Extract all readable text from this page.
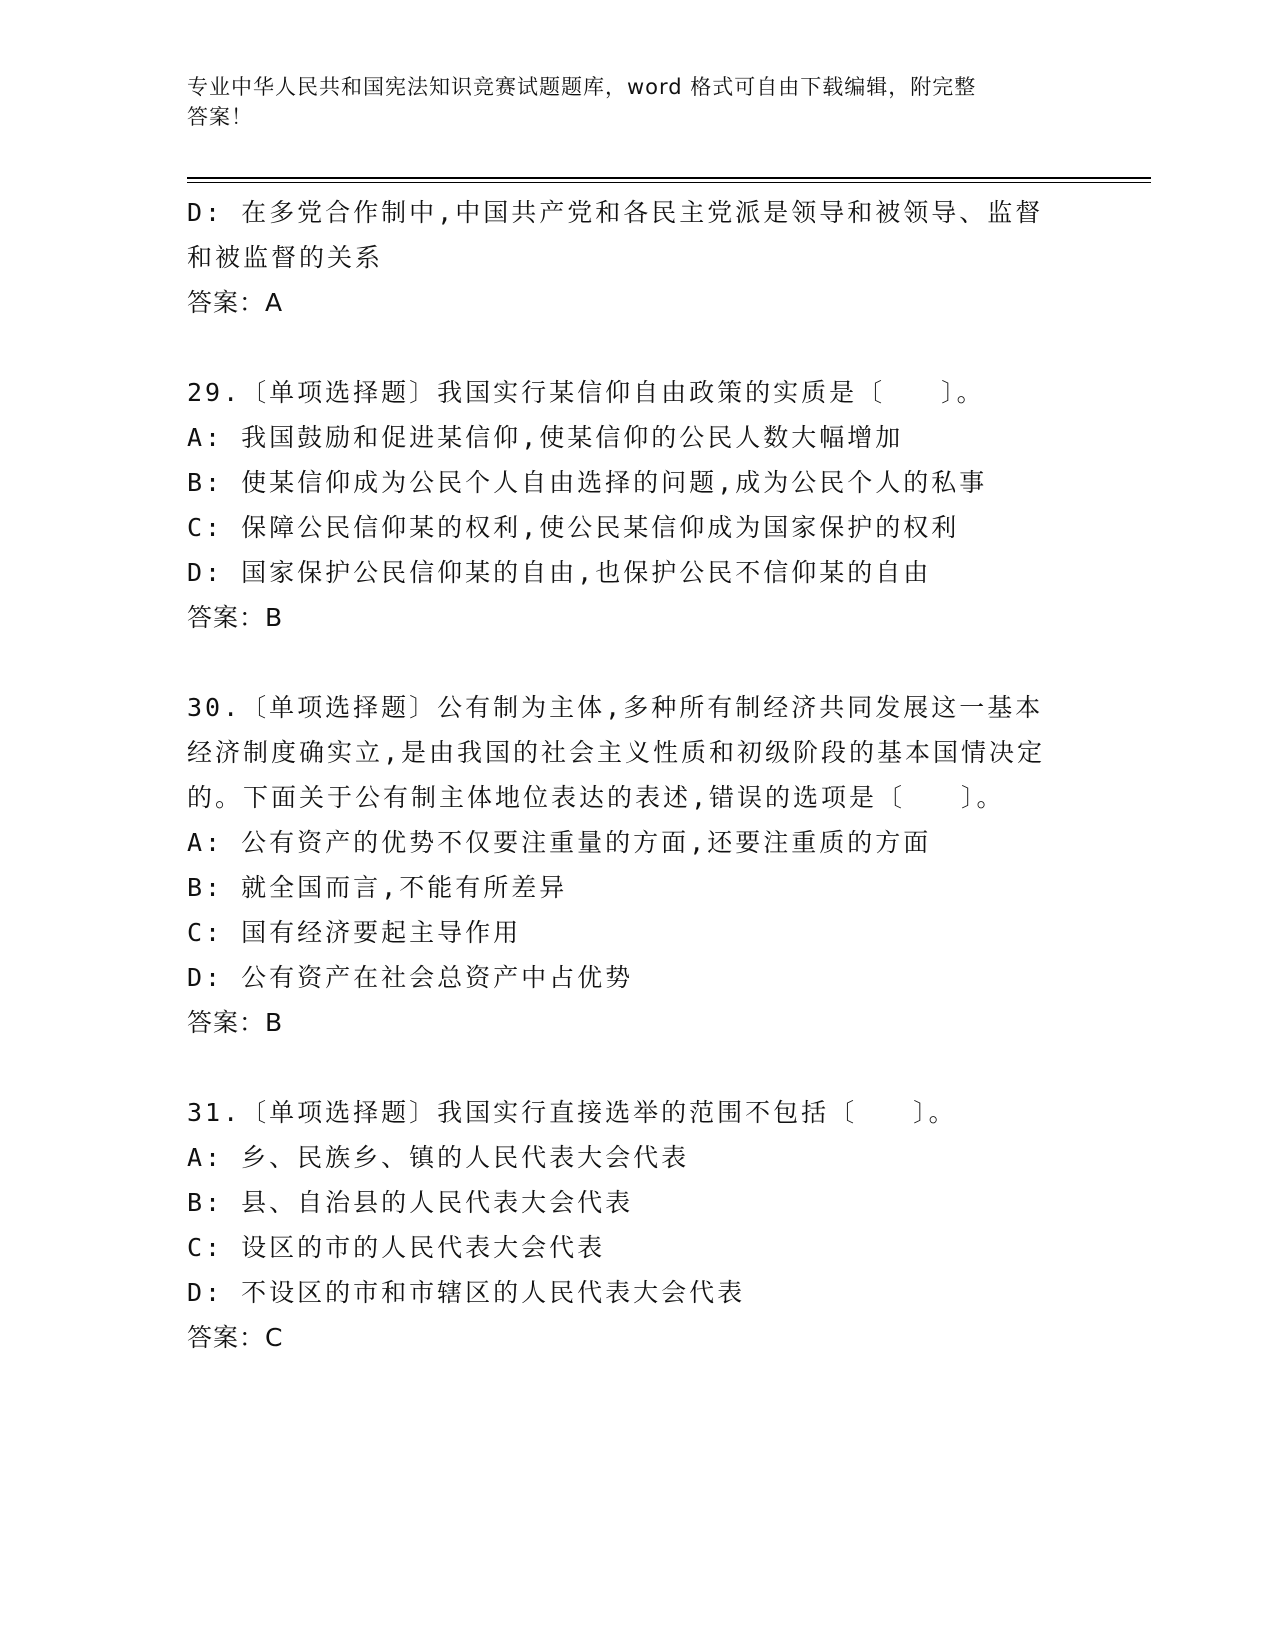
专业中华人民共和国宪法知识竞赛试题题库，word 格式可自由下载编辑，附完整
答案！
D: 在多党合作制中,中国共产党和各民主党派是领导和被领导、监督
和被监督的关系
答案：A
29.〔单项选择题〕我国实行某信仰自由政策的实质是〔　　〕。
A: 我国鼓励和促进某信仰,使某信仰的公民人数大幅增加
B: 使某信仰成为公民个人自由选择的问题,成为公民个人的私事
C: 保障公民信仰某的权利,使公民某信仰成为国家保护的权利
D: 国家保护公民信仰某的自由,也保护公民不信仰某的自由
答案：B
30.〔单项选择题〕公有制为主体,多种所有制经济共同发展这一基本
经济制度确实立,是由我国的社会主义性质和初级阶段的基本国情决定
的。下面关于公有制主体地位表达的表述,错误的选项是〔　　〕。
A: 公有资产的优势不仅要注重量的方面,还要注重质的方面
B: 就全国而言,不能有所差异
C: 国有经济要起主导作用
D: 公有资产在社会总资产中占优势
答案：B
31.〔单项选择题〕我国实行直接选举的范围不包括〔　　〕。
A: 乡、民族乡、镇的人民代表大会代表
B: 县、自治县的人民代表大会代表
C: 设区的市的人民代表大会代表
D: 不设区的市和市辖区的人民代表大会代表
答案：C
